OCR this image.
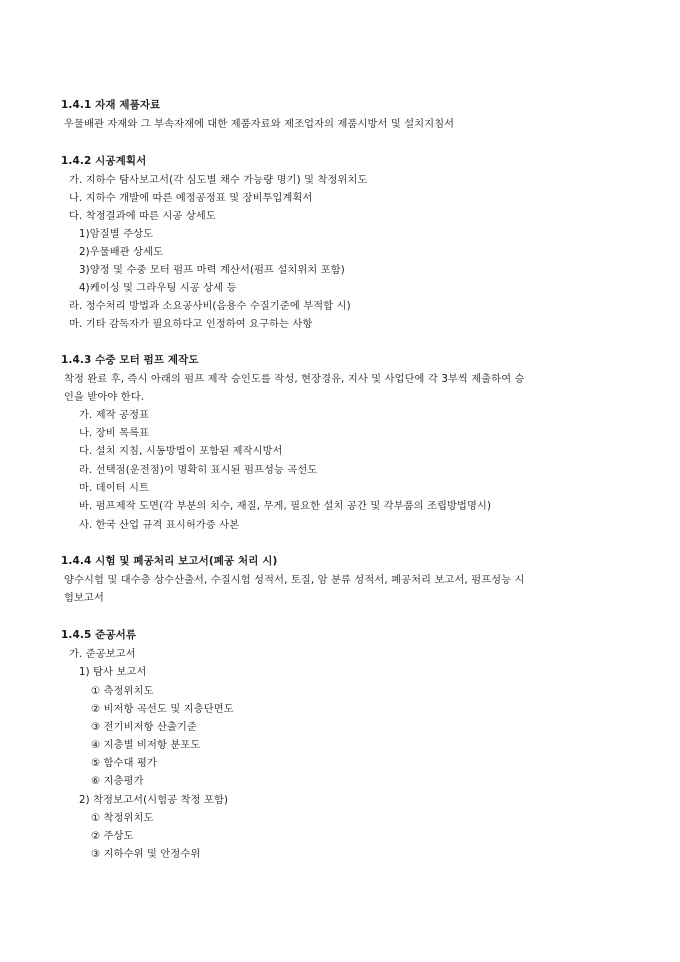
1.4.1 자재 제품자료
우물배관 자재와 그 부속자재에 대한 제품자료와 제조업자의 제품시방서 및 설치지침서
1.4.2 시공계획서
가. 지하수 탐사보고서(각 심도별 채수 가능량 명기) 및 착정위치도
나. 지하수 개발에 따른 예정공정표 및 장비투입계획서
다. 착정결과에 따른 시공 상세도
1)암질별 주상도
2)우물배관 상세도
3)양정 및 수중 모터 펌프 마력 계산서(펌프 설치위치 포함)
4)케이싱 및 그라우팅 시공 상세 등
라. 정수처리 방법과 소요공사비(음용수 수질기준에 부적합 시)
마. 기타 감독자가 필요하다고 인정하여 요구하는 사항
1.4.3 수중 모터 펌프 제작도
착정 완료 후, 즉시 아래의 펌프 제작 승인도를 작성, 현장경유, 지사 및 사업단에 각 3부씩 제출하여 승
인을 받아야 한다.
가. 제작 공정표
나. 장비 목록표
다. 설치 지침, 시동방법이 포함된 제작시방서
라. 선택점(운전점)이 명확히 표시된 펌프성능 곡선도
마. 데이터 시트
바. 펌프제작 도면(각 부분의 치수, 재질, 무게, 필요한 설치 공간 및 각부품의 조립방법명시)
사. 한국 산업 규격 표시허가증 사본
1.4.4 시험 및 폐공처리 보고서(폐공 처리 시)
양수시험 및 대수층 상수산출서, 수질시험 성적서, 토질, 암 분류 성적서, 폐공처리 보고서, 펌프성능 시
험보고서
1.4.5 준공서류
가. 준공보고서
1) 탐사 보고서
① 측정위치도
② 비저항 곡선도 및 지층단면도
③ 전기비저항 산출기준
④ 지층별 비저항 분포도
⑤ 함수대 평가
⑥ 지층평가
2) 착정보고서(시험공 착정 포함)
① 착정위치도
② 주상도
③ 지하수위 및 안정수위
